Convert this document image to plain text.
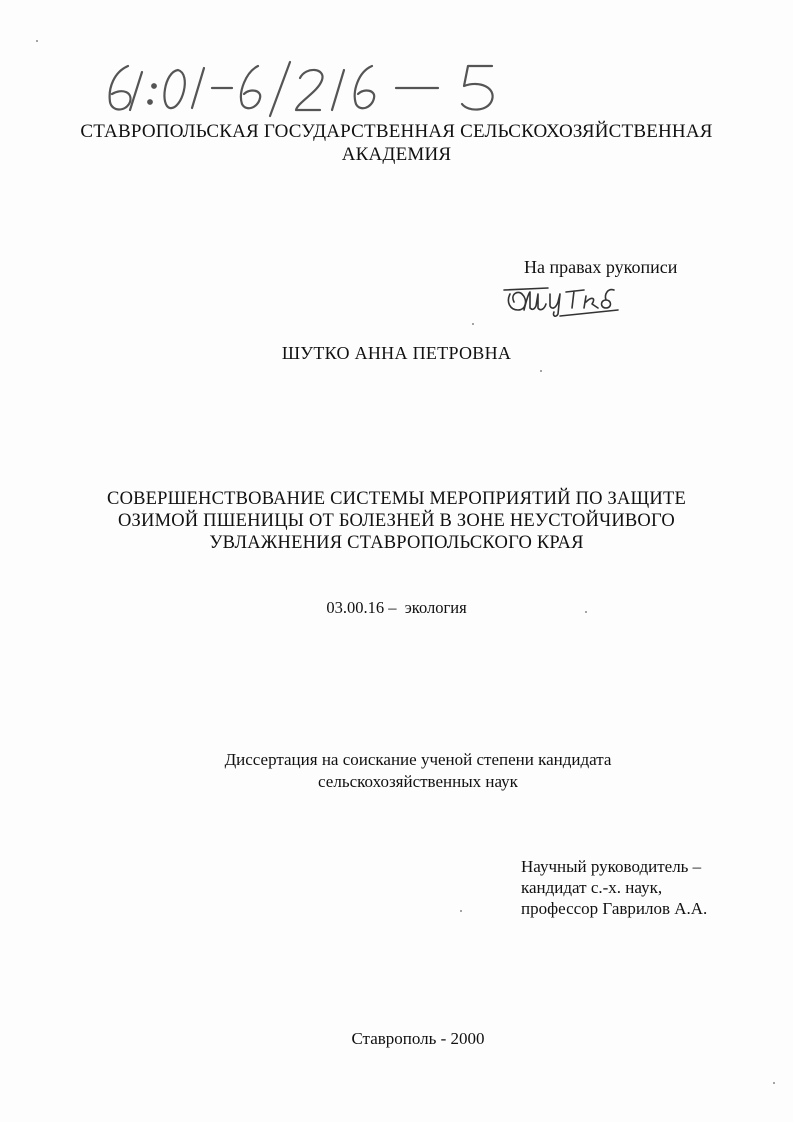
61:01-6/216-5
СТАВРОПОЛЬСКАЯ ГОСУДАРСТВЕННАЯ СЕЛЬСКОХОЗЯЙСТВЕННАЯ
АКАДЕМИЯ
На правах рукописи
Шутко
ШУТКО АННА ПЕТРОВНА
СОВЕРШЕНСТВОВАНИЕ СИСТЕМЫ МЕРОПРИЯТИЙ ПО ЗАЩИТЕ
ОЗИМОЙ ПШЕНИЦЫ ОТ БОЛЕЗНЕЙ В ЗОНЕ НЕУСТОЙЧИВОГО
УВЛАЖНЕНИЯ СТАВРОПОЛЬСКОГО КРАЯ
03.00.16 –  экология
Диссертация на соискание ученой степени кандидата
сельскохозяйственных наук
Научный руководитель –
кандидат с.-х. наук,
профессор Гаврилов А.А.
Ставрополь - 2000
